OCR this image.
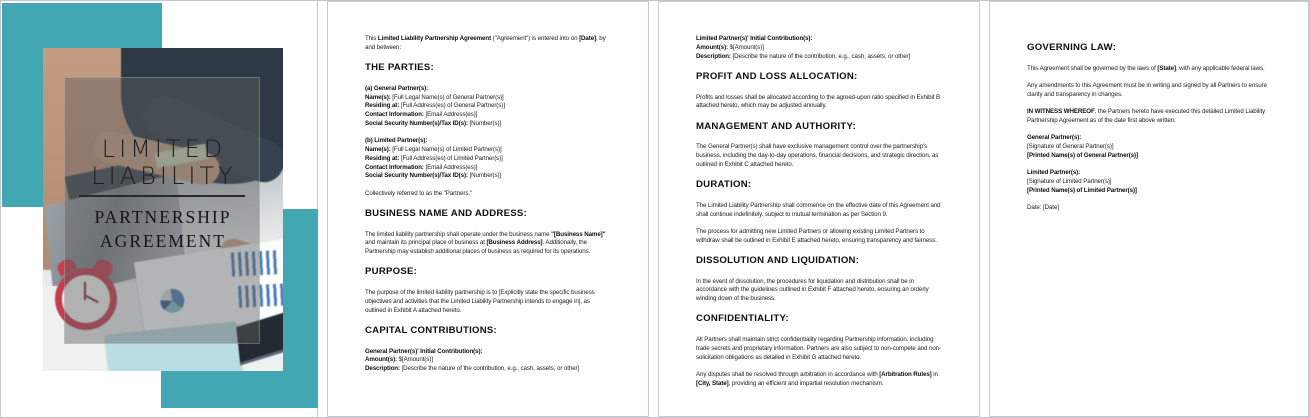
LIMITED
LIABILITY
PARTNERSHIP
AGREEMENT

This Limited Liability Partnership Agreement ("Agreement") is entered into on [Date], by and between:

THE PARTIES:
(a) General Partner(s):
Name(s): [Full Legal Name(s) of General Partner(s)]
Residing at: [Full Address(es) of General Partner(s)]
Contact Information: [Email Address(es)]
Social Security Number(s)/Tax ID(s): [Number(s)]
(b) Limited Partner(s):
Name(s): [Full Legal Name(s) of Limited Partner(s)]
Residing at: [Full Address(es) of Limited Partner(s)]
Contact Information: [Email Address(es)]
Social Security Number(s)/Tax ID(s): [Number(s)]

Collectively referred to as the "Partners."

BUSINESS NAME AND ADDRESS:

The limited liability partnership shall operate under the business name "[Business Name]" and maintain its principal place of business at [Business Address]. Additionally, the Partnership may establish additional places of business as required for its operations.

PURPOSE:

The purpose of the limited liability partnership is to [Explicitly state the specific business objectives and activities that the Limited Liability Partnership intends to engage in], as outlined in Exhibit A attached hereto.

CAPITAL CONTRIBUTIONS:
General Partner(s)' Initial Contribution(s):
Amount(s): $[Amount(s)]
Description: [Describe the nature of the contribution, e.g., cash, assets, or other]
Limited Partner(s)' Initial Contribution(s):
Amount(s): $[Amount(s)]
Description: [Describe the nature of the contribution, e.g., cash, assets, or other]
PROFIT AND LOSS ALLOCATION:

Profits and losses shall be allocated according to the agreed-upon ratio specified in Exhibit B attached hereto, which may be adjusted annually.

MANAGEMENT AND AUTHORITY:

The General Partner(s) shall have exclusive management control over the partnership's business, including the day-to-day operations, financial decisions, and strategic direction, as outlined in Exhibit C attached hereto.

DURATION:

The Limited Liability Partnership shall commence on the effective date of this Agreement and shall continue indefinitely, subject to mutual termination as per Section 9.

The process for admitting new Limited Partners or allowing existing Limited Partners to withdraw shall be outlined in Exhibit E attached hereto, ensuring transparency and fairness.

DISSOLUTION AND LIQUIDATION:

In the event of dissolution, the procedures for liquidation and distribution shall be in accordance with the guidelines outlined in Exhibit F attached hereto, ensuring an orderly winding down of the business.

CONFIDENTIALITY:

All Partners shall maintain strict confidentiality regarding Partnership information, including trade secrets and proprietary information. Partners are also subject to non-compete and non-solicitation obligations as detailed in Exhibit G attached hereto.

Any disputes shall be resolved through arbitration in accordance with [Arbitration Rules] in [City, State], providing an efficient and impartial resolution mechanism.

GOVERNING LAW:

This Agreement shall be governed by the laws of [State], with any applicable federal laws.

Any amendments to this Agreement must be in writing and signed by all Partners to ensure clarity and transparency in changes.

IN WITNESS WHEREOF, the Partners hereto have executed this detailed Limited Liability Partnership Agreement as of the date first above written.

General Partner(s):
[Signature of General Partner(s)]
[Printed Name(s) of General Partner(s)]
Limited Partner(s):
[Signature of Limited Partner(s)]
[Printed Name(s) of Limited Partner(s)]

Date: [Date]
